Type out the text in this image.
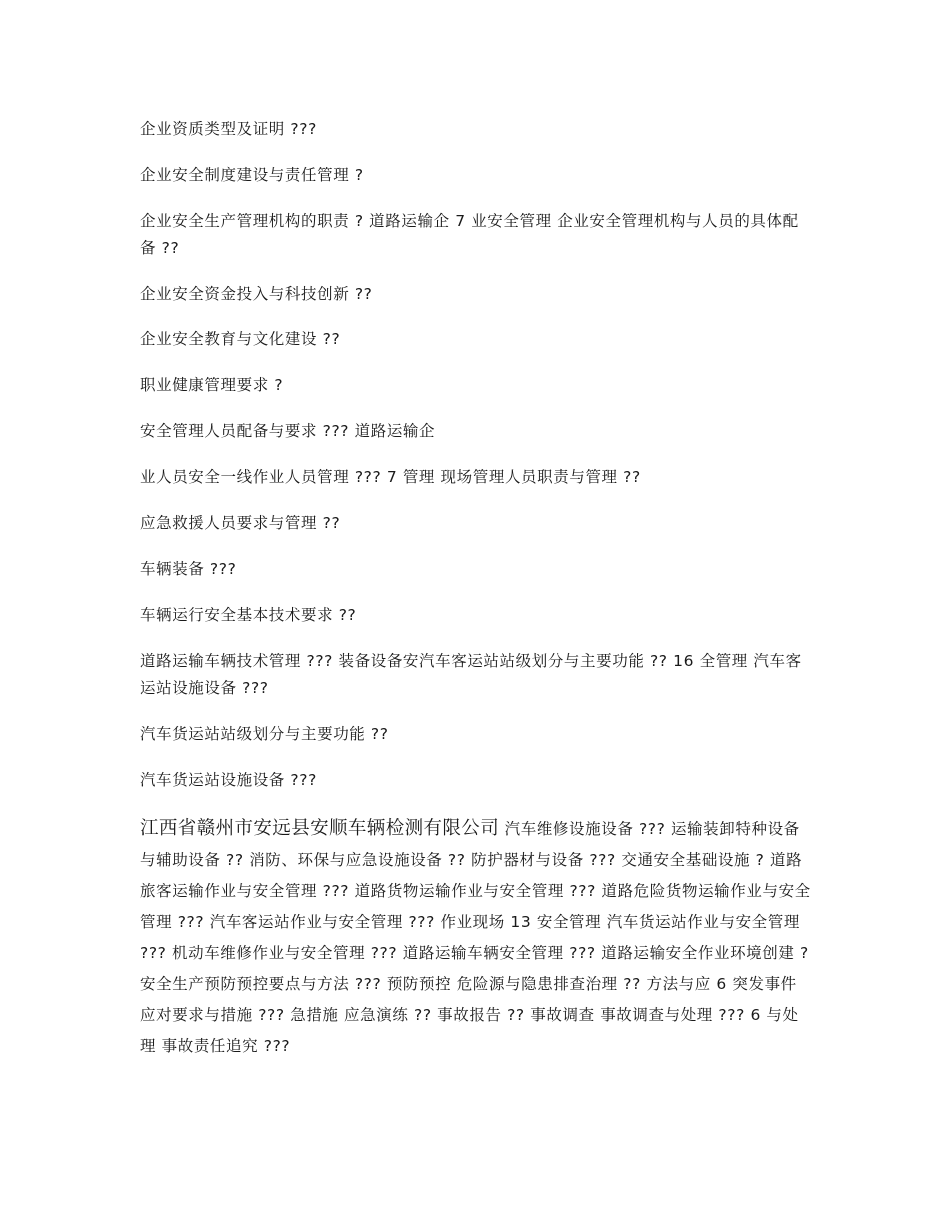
企业资质类型及证明 ???
企业安全制度建设与责任管理 ?
企业安全生产管理机构的职责 ? 道路运输企 7 业安全管理 企业安全管理机构与人员的具体配备 ??
企业安全资金投入与科技创新 ??
企业安全教育与文化建设 ??
职业健康管理要求 ?
安全管理人员配备与要求 ??? 道路运输企
业人员安全一线作业人员管理 ??? 7 管理 现场管理人员职责与管理 ??
应急救援人员要求与管理 ??
车辆装备 ???
车辆运行安全基本技术要求 ??
道路运输车辆技术管理 ??? 装备设备安汽车客运站站级划分与主要功能 ?? 16 全管理 汽车客运站设施设备 ???
汽车货运站站级划分与主要功能 ??
汽车货运站设施设备 ???
江西省赣州市安远县安顺车辆检测有限公司 汽车维修设施设备 ??? 运输装卸特种设备与辅助设备 ?? 消防、环保与应急设施设备 ?? 防护器材与设备 ??? 交通安全基础设施 ? 道路旅客运输作业与安全管理 ??? 道路货物运输作业与安全管理 ??? 道路危险货物运输作业与安全管理 ??? 汽车客运站作业与安全管理 ??? 作业现场 13 安全管理 汽车货运站作业与安全管理 ??? 机动车维修作业与安全管理 ??? 道路运输车辆安全管理 ??? 道路运输安全作业环境创建 ? 安全生产预防预控要点与方法 ??? 预防预控 危险源与隐患排查治理 ?? 方法与应 6 突发事件应对要求与措施 ??? 急措施 应急演练 ?? 事故报告 ?? 事故调查 事故调查与处理 ??? 6 与处理 事故责任追究 ???
